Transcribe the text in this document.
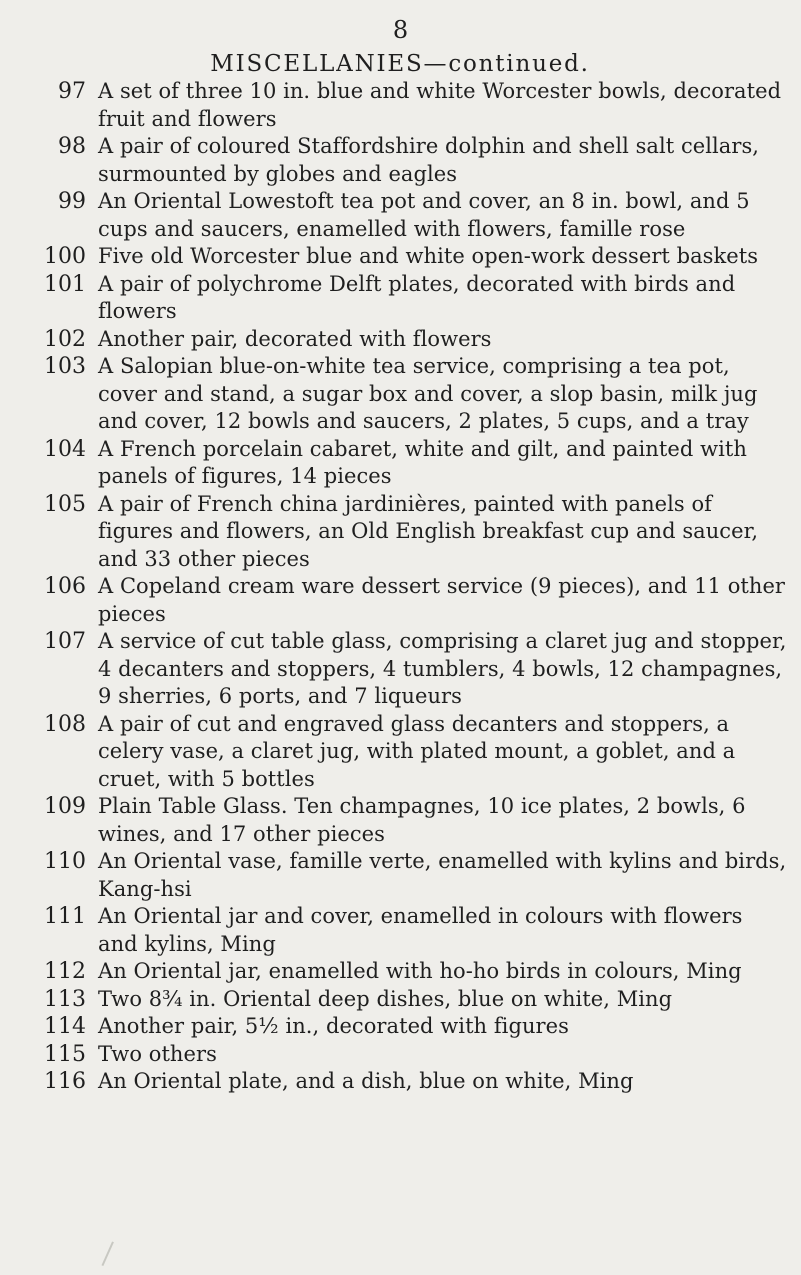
8
MISCELLANIES—continued.
97 A set of three 10 in. blue and white Worcester bowls, decorated fruit and flowers
98 A pair of coloured Staffordshire dolphin and shell salt cellars, surmounted by globes and eagles
99 An Oriental Lowestoft tea pot and cover, an 8 in. bowl, and 5 cups and saucers, enamelled with flowers, famille rose
100 Five old Worcester blue and white open-work dessert baskets
101 A pair of polychrome Delft plates, decorated with birds and flowers
102 Another pair, decorated with flowers
103 A Salopian blue-on-white tea service, comprising a tea pot, cover and stand, a sugar box and cover, a slop basin, milk jug and cover, 12 bowls and saucers, 2 plates, 5 cups, and a tray
104 A French porcelain cabaret, white and gilt, and painted with panels of figures, 14 pieces
105 A pair of French china jardinières, painted with panels of figures and flowers, an Old English breakfast cup and saucer, and 33 other pieces
106 A Copeland cream ware dessert service (9 pieces), and 11 other pieces
107 A service of cut table glass, comprising a claret jug and stopper, 4 decanters and stoppers, 4 tumblers, 4 bowls, 12 champagnes, 9 sherries, 6 ports, and 7 liqueurs
108 A pair of cut and engraved glass decanters and stoppers, a celery vase, a claret jug, with plated mount, a goblet, and a cruet, with 5 bottles
109 Plain Table Glass. Ten champagnes, 10 ice plates, 2 bowls, 6 wines, and 17 other pieces
110 An Oriental vase, famille verte, enamelled with kylins and birds, Kang-hsi
111 An Oriental jar and cover, enamelled in colours with flowers and kylins, Ming
112 An Oriental jar, enamelled with ho-ho birds in colours, Ming
113 Two 8¾ in. Oriental deep dishes, blue on white, Ming
114 Another pair, 5½ in., decorated with figures
115 Two others
116 An Oriental plate, and a dish, blue on white, Ming
